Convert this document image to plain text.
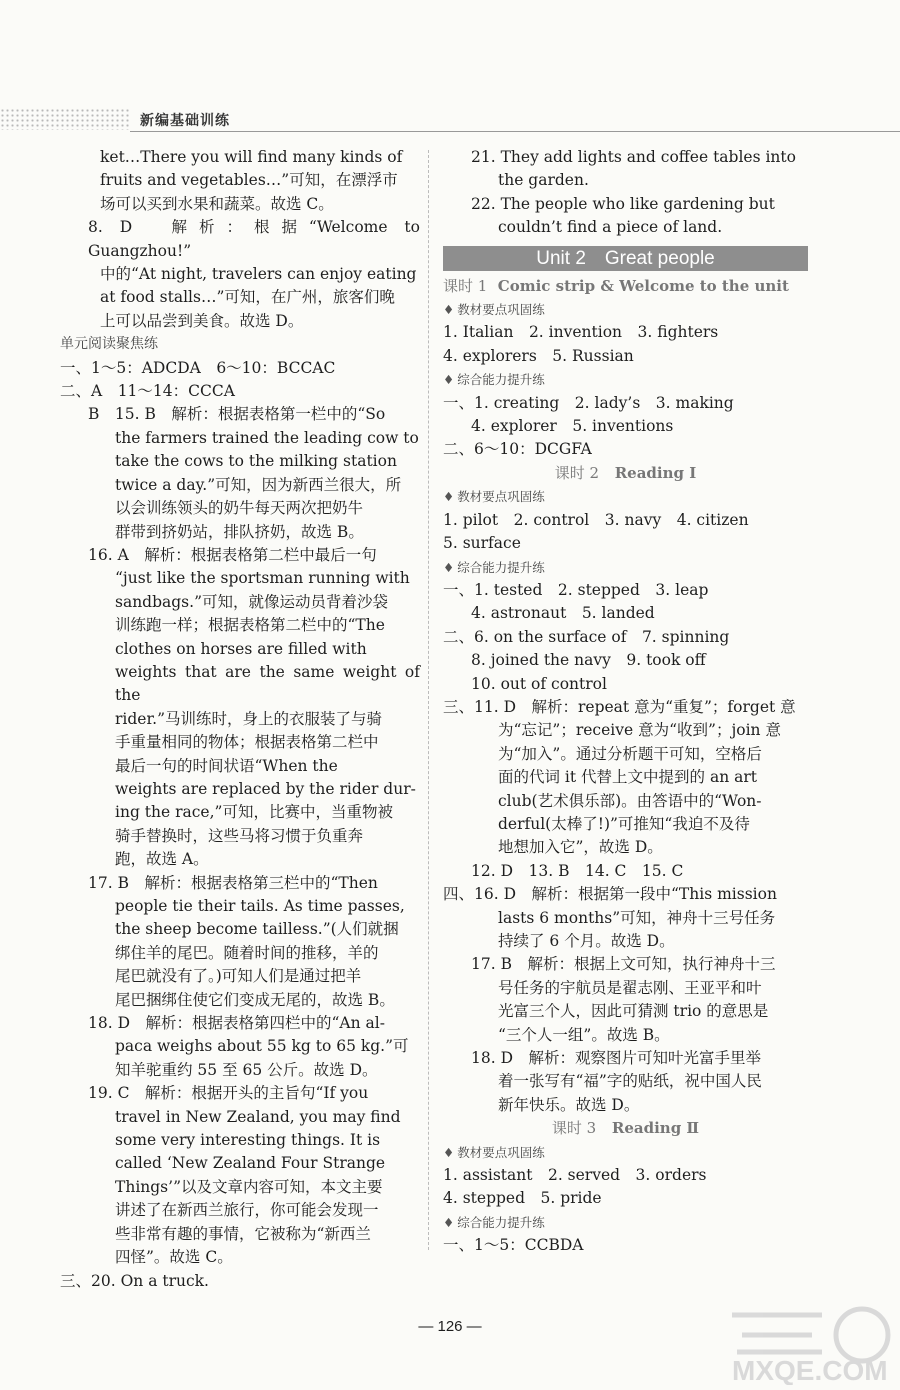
新编基础训练

ket…There you will find many kinds of

fruits and vegetables…”可知，在漂浮市

场可以买到水果和蔬菜。故选 C。

8. D　解析：根据“Welcome to Guangzhou!”

中的“At night, travelers can enjoy eating

at food stalls…”可知，在广州，旅客们晚

上可以品尝到美食。故选 D。

单元阅读聚焦练

一、1～5：ADCDA　6～10：BCCAC

二、A　11～14：CCCA

B　15. B　解析：根据表格第一栏中的“So

the farmers trained the leading cow to

take the cows to the milking station

twice a day.”可知，因为新西兰很大，所

以会训练领头的奶牛每天两次把奶牛

群带到挤奶站，排队挤奶，故选 B。

16. A　解析：根据表格第二栏中最后一句

“just like the sportsman running with

sandbags.”可知，就像运动员背着沙袋

训练跑一样；根据表格第二栏中的“The

clothes on horses are filled with

weights that are the same weight of the

rider.”马训练时，身上的衣服装了与骑

手重量相同的物体；根据表格第二栏中

最后一句的时间状语“When the

weights are replaced by the rider dur-

ing the race,”可知，比赛中，当重物被

骑手替换时，这些马将习惯于负重奔

跑，故选 A。

17. B　解析：根据表格第三栏中的“Then

people tie their tails. As time passes,

the sheep become tailless.”(人们就捆

绑住羊的尾巴。随着时间的推移，羊的

尾巴就没有了。)可知人们是通过把羊

尾巴捆绑住使它们变成无尾的，故选 B。

18. D　解析：根据表格第四栏中的“An al-

paca weighs about 55 kg to 65 kg.”可

知羊驼重约 55 至 65 公斤。故选 D。

19. C　解析：根据开头的主旨句“If you

travel in New Zealand, you may find

some very interesting things. It is

called ‘New Zealand Four Strange

Things’”以及文章内容可知，本文主要

讲述了在新西兰旅行，你可能会发现一

些非常有趣的事情，它被称为“新西兰

四怪”。故选 C。

三、20. On a truck.

21. They add lights and coffee tables into

the garden.

22. The people who like gardening but

couldn’t find a piece of land.

Unit 2　Great people

课时 1 Comic strip & Welcome to the unit

♦ 教材要点巩固练

1. Italian　2. invention　3. fighters

4. explorers　5. Russian

♦ 综合能力提升练

一、1. creating　2. lady’s　3. making

4. explorer　5. inventions

二、6～10：DCGFA

课时 2 Reading Ⅰ

♦ 教材要点巩固练

1. pilot　2. control　3. navy　4. citizen

5. surface

♦ 综合能力提升练

一、1. tested　2. stepped　3. leap

4. astronaut　5. landed

二、6. on the surface of　7. spinning

8. joined the navy　9. took off

10. out of control

三、11. D　解析：repeat 意为“重复”；forget 意

为“忘记”；receive 意为“收到”；join 意

为“加入”。通过分析题干可知，空格后

面的代词 it 代替上文中提到的 an art

club(艺术俱乐部)。由答语中的“Won-

derful(太棒了!)”可推知“我迫不及待

地想加入它”，故选 D。

12. D　13. B　14. C　15. C

四、16. D　解析：根据第一段中“This mission

lasts 6 months”可知，神舟十三号任务

持续了 6 个月。故选 D。

17. B　解析：根据上文可知，执行神舟十三

号任务的宇航员是翟志刚、王亚平和叶

光富三个人，因此可猜测 trio 的意思是

“三个人一组”。故选 B。

18. D　解析：观察图片可知叶光富手里举

着一张写有“福”字的贴纸，祝中国人民

新年快乐。故选 D。

课时 3 Reading Ⅱ

♦ 教材要点巩固练

1. assistant　2. served　3. orders

4. stepped　5. pride

♦ 综合能力提升练

一、1～5：CCBDA

— 126 —
MXQE.COM
